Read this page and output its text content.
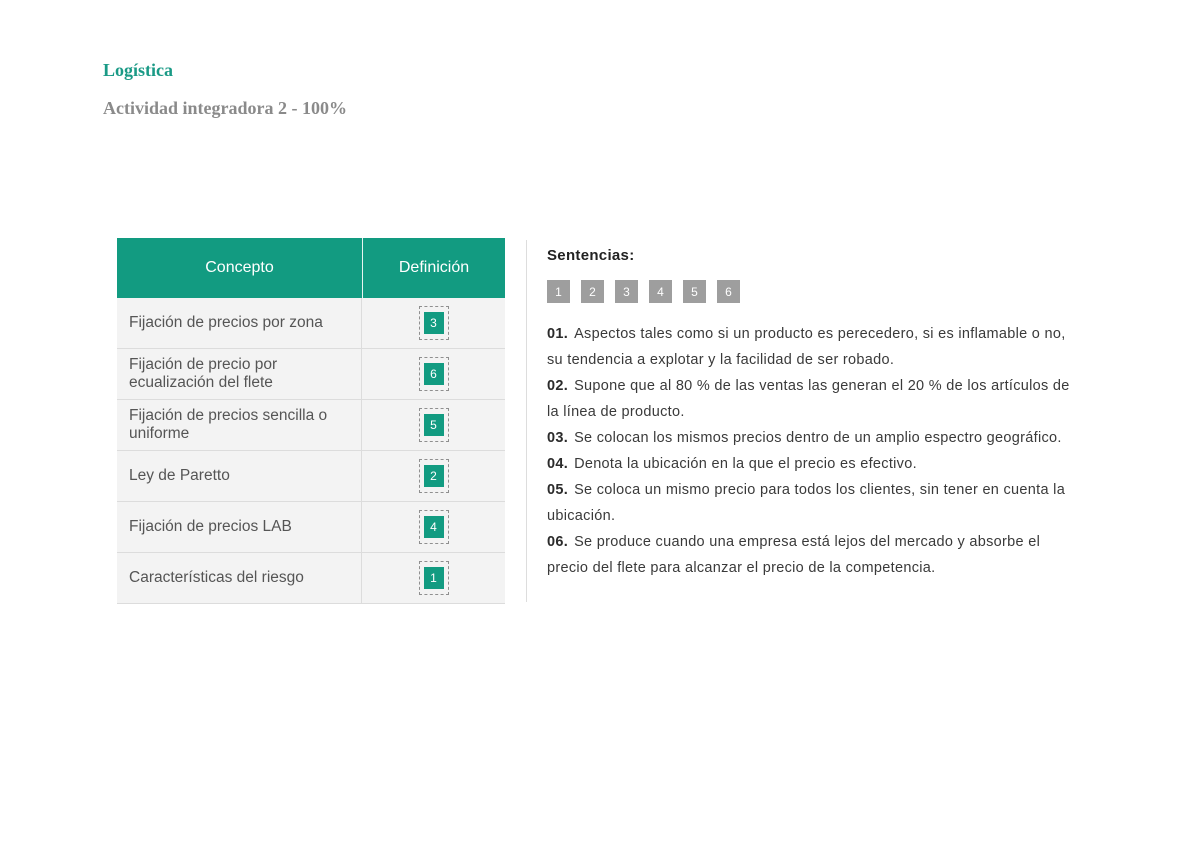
Logística
Actividad integradora 2 - 100%
Concepto	Definición
Fijación de precios por zona	3
Fijación de precio por ecualización del flete	6
Fijación de precios sencilla o uniforme	5
Ley de Paretto	2
Fijación de precios LAB	4
Características del riesgo	1
Sentencias:
1	2	3	4	5	6

01. Aspectos tales como si un producto es perecedero, si es inflamable o no, su tendencia a explotar y la facilidad de ser robado.

02. Supone que al 80 % de las ventas las generan el 20 % de los artículos de la línea de producto.

03. Se colocan los mismos precios dentro de un amplio espectro geográfico.

04. Denota la ubicación en la que el precio es efectivo.

05. Se coloca un mismo precio para todos los clientes, sin tener en cuenta la ubicación.

06. Se produce cuando una empresa está lejos del mercado y absorbe el precio del flete para alcanzar el precio de la competencia.
